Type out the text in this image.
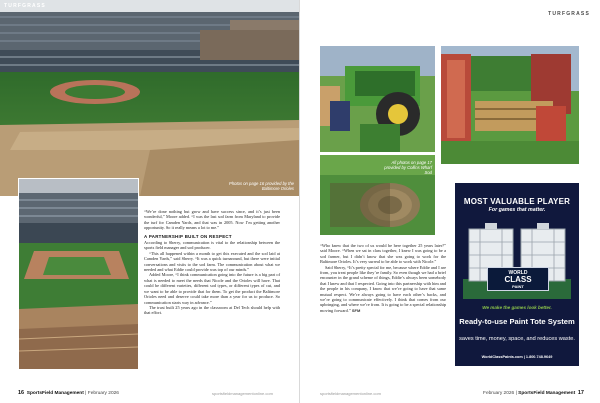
TURFGRASS
Photos on page 16 provided by the Baltimore Orioles

“We’re done nothing but grow and have success since, and it’s just been wonderful,” Moore added. “I was the last sod farm from Maryland to provide the turf for Camden Yards, and that was in 2005. Now I’m getting another opportunity. So it really means a lot to me.”

A PARTNERSHIP BUILT ON RESPECT

According to Sherry, communication is vital to the relationship between the sports field manager and sod producer.

“This all happened within a month to get this executed and the sod laid at Camden Yards,” said Sherry. “It was a quick turnaround, but there were initial conversations and visits to the sod farm. The communication about what we needed and what Eddie could provide was top of our minds.”

Added Moore, “I think communication going into the future is a big part of what is needed to meet the needs that Nicole and the Orioles will have. That could be different varieties, different sod types, or different types of cut, and we want to be able to provide that for them. To get the product the Baltimore Orioles need and deserve could take more than a year for us to produce. So communication starts way in advance.”

The trust built 25 years ago in the classroom at Del Tech should help with that effort.

16 SportsField Management | February 2026	sportsfieldmanagementonline.com
TURFGRASS
All photos on page 17 provided by Collins Wharf Sod

“Who knew that the two of us would be here together 25 years later?” said Moore. “When we sat in class together, I knew I was going to be a sod farmer, but I didn’t know that she was going to work for the Baltimore Orioles. It’s very surreal to be able to work with Nicole.”

Said Sherry, “It’s pretty special for me, because where Eddie and I are from, you treat people like they’re family. So even though we had a brief encounter in the grand scheme of things, Eddie’s always been somebody that I knew and that I respected. Going into this partnership with him and the people in his company, I know that we’re going to have that same mutual respect. We’re always going to have each other’s backs, and we’re going to communicate effectively. I think that comes from our upbringing, and where we’re from. It is going to be a special relationship moving forward.” SFM

MOST VALUABLE PLAYER
For games that matter.
WORLD
CLASS
PAINT
We make the games look better.
Ready-to-use Paint Tote System
saves time, money, space, and reduces waste.
WorldClassPaints.com | 1.800.748.9649
sportsfieldmanagementonline.com	February 2026 | SportsField Management 17
